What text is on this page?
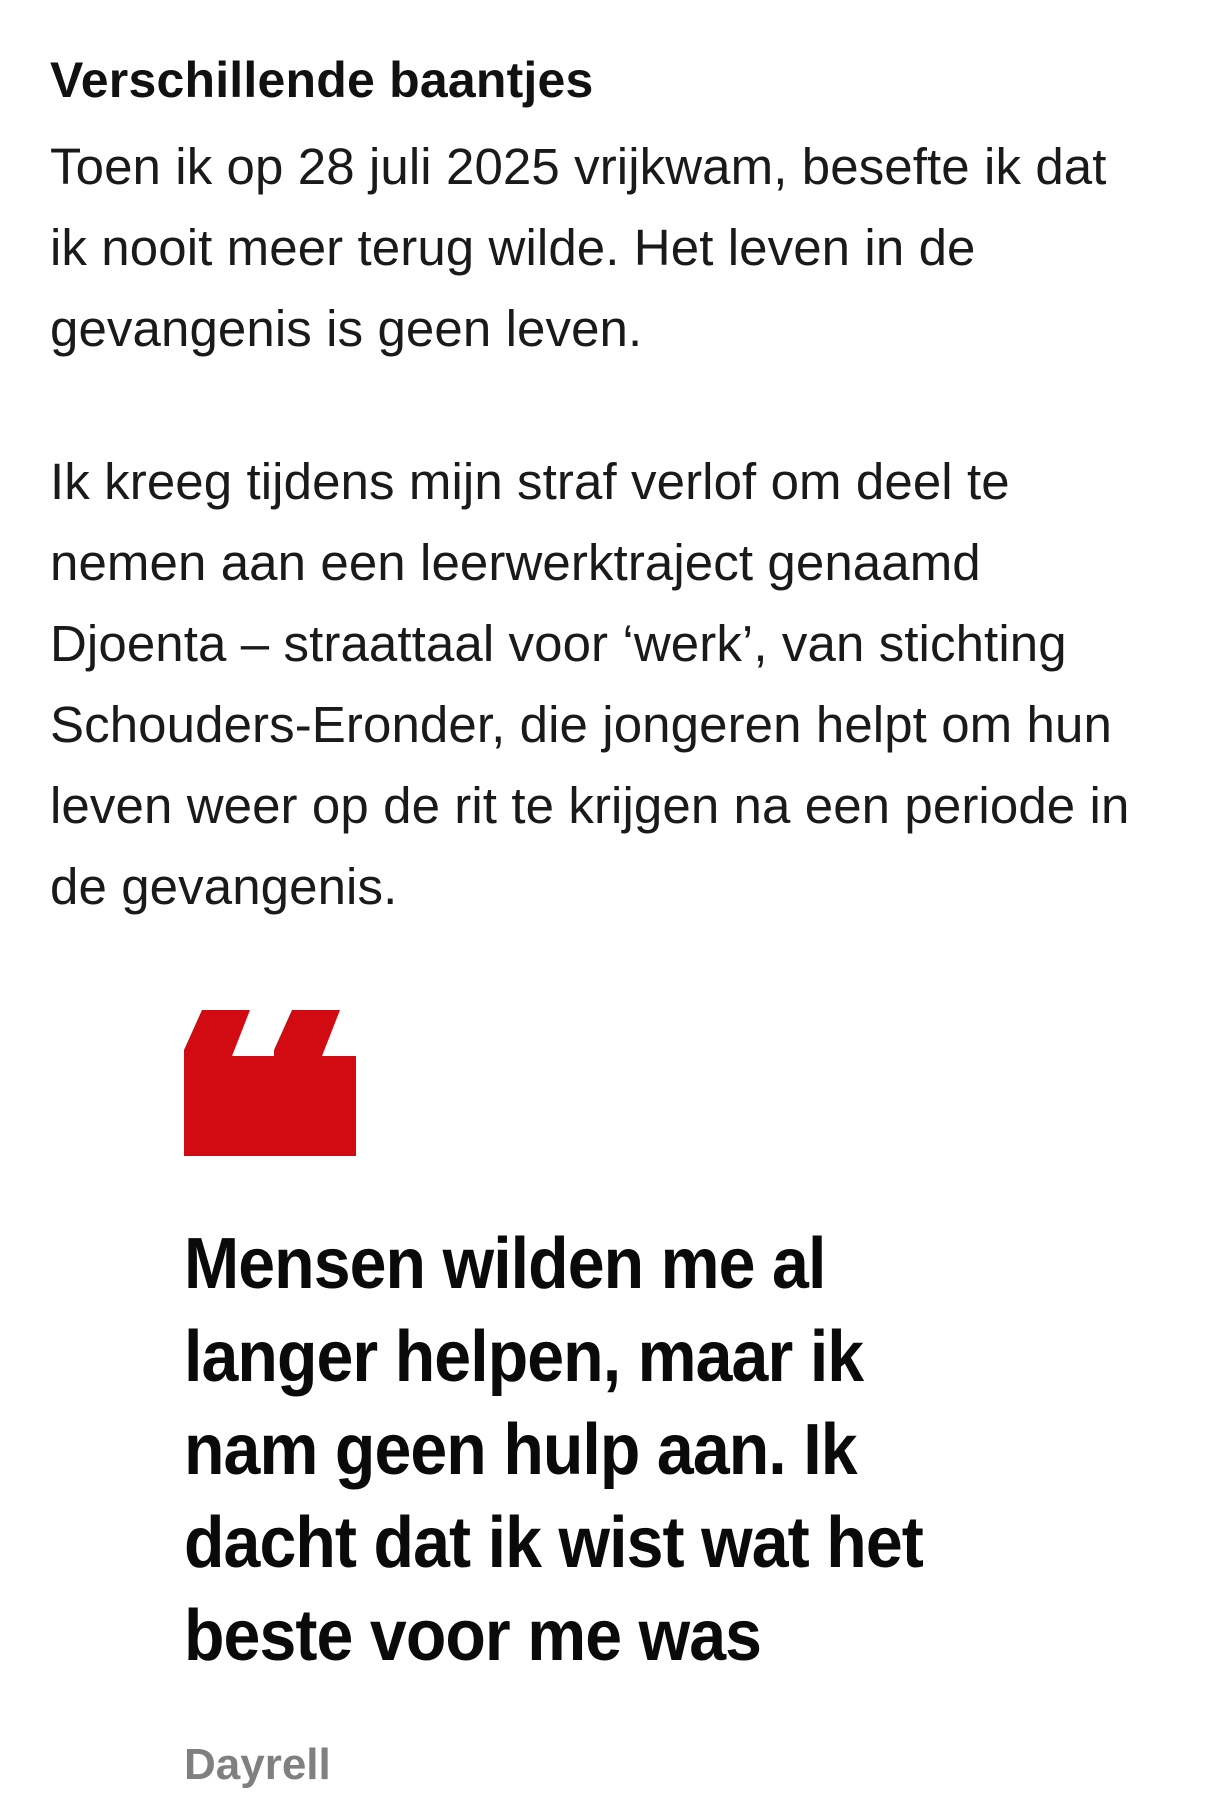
Verschillende baantjes

Toen ik op 28 juli 2025 vrijkwam, besefte ik dat ik nooit meer terug wilde. Het leven in de gevangenis is geen leven.

Ik kreeg tijdens mijn straf verlof om deel te nemen aan een leerwerktraject genaamd Djoenta – straattaal voor ‘werk’, van stichting Schouders-Eronder, die jongeren helpt om hun leven weer op de rit te krijgen na een periode in de gevangenis.

Mensen wilden me al langer helpen, maar ik nam geen hulp aan. Ik dacht dat ik wist wat het beste voor me was

Dayrell
